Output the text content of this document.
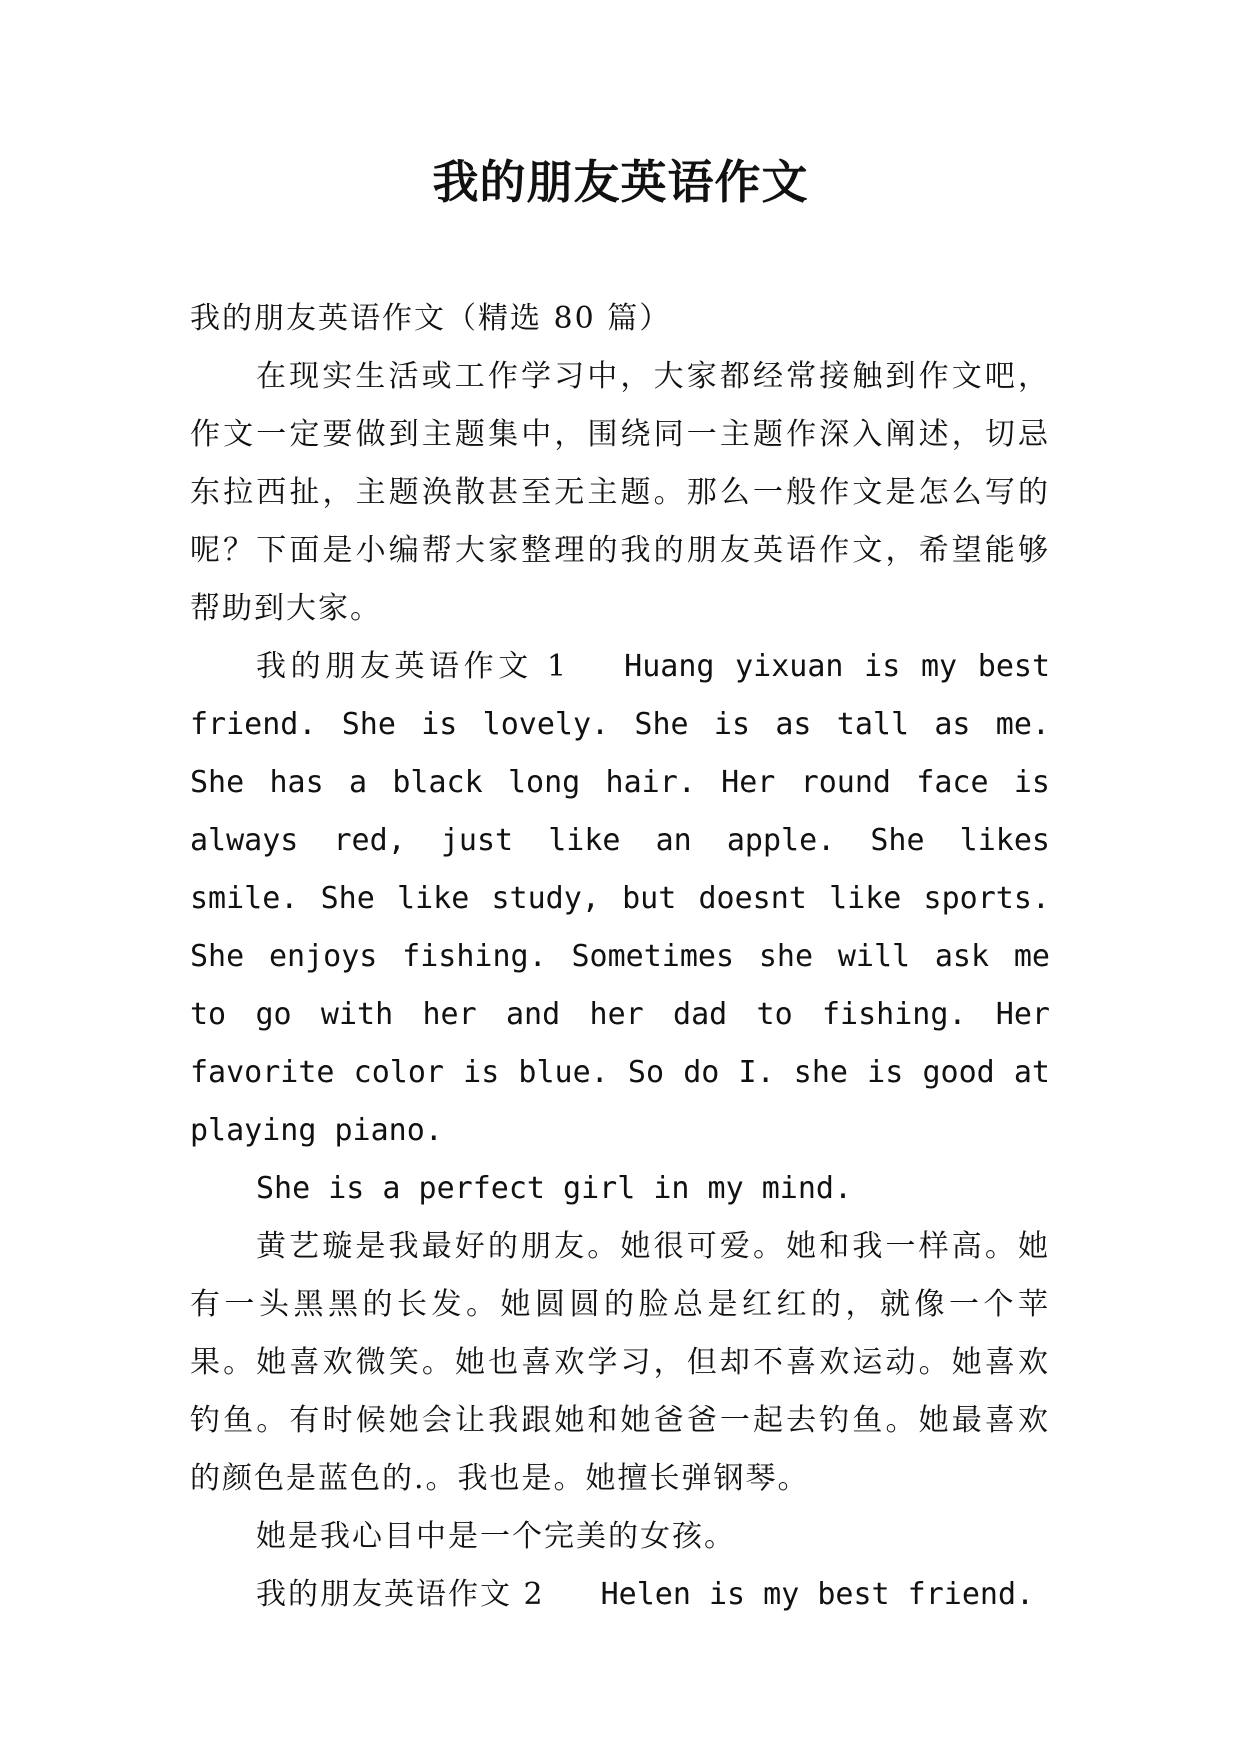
我的朋友英语作文

我的朋友英语作文（精选 80 篇）

在现实生活或工作学习中，大家都经常接触到作文吧，作文一定要做到主题集中，围绕同一主题作深入阐述，切忌东拉西扯，主题涣散甚至无主题。那么一般作文是怎么写的呢？下面是小编帮大家整理的我的朋友英语作文，希望能够帮助到大家。

我的朋友英语作文 1 Huang yixuan is my best friend. She is lovely. She is as tall as me. She has a black long hair. Her round face is always red, just like an apple. She likes smile. She like study, but doesnt like sports. She enjoys fishing. Sometimes she will ask me to go with her and her dad to fishing. Her favorite color is blue. So do I. she is good at playing piano.

She is a perfect girl in my mind.

黄艺璇是我最好的朋友。她很可爱。她和我一样高。她有一头黑黑的长发。她圆圆的脸总是红红的，就像一个苹果。她喜欢微笑。她也喜欢学习，但却不喜欢运动。她喜欢钓鱼。有时候她会让我跟她和她爸爸一起去钓鱼。她最喜欢的颜色是蓝色的.。我也是。她擅长弹钢琴。

她是我心目中是一个完美的女孩。

我的朋友英语作文 2 Helen is my best friend.
